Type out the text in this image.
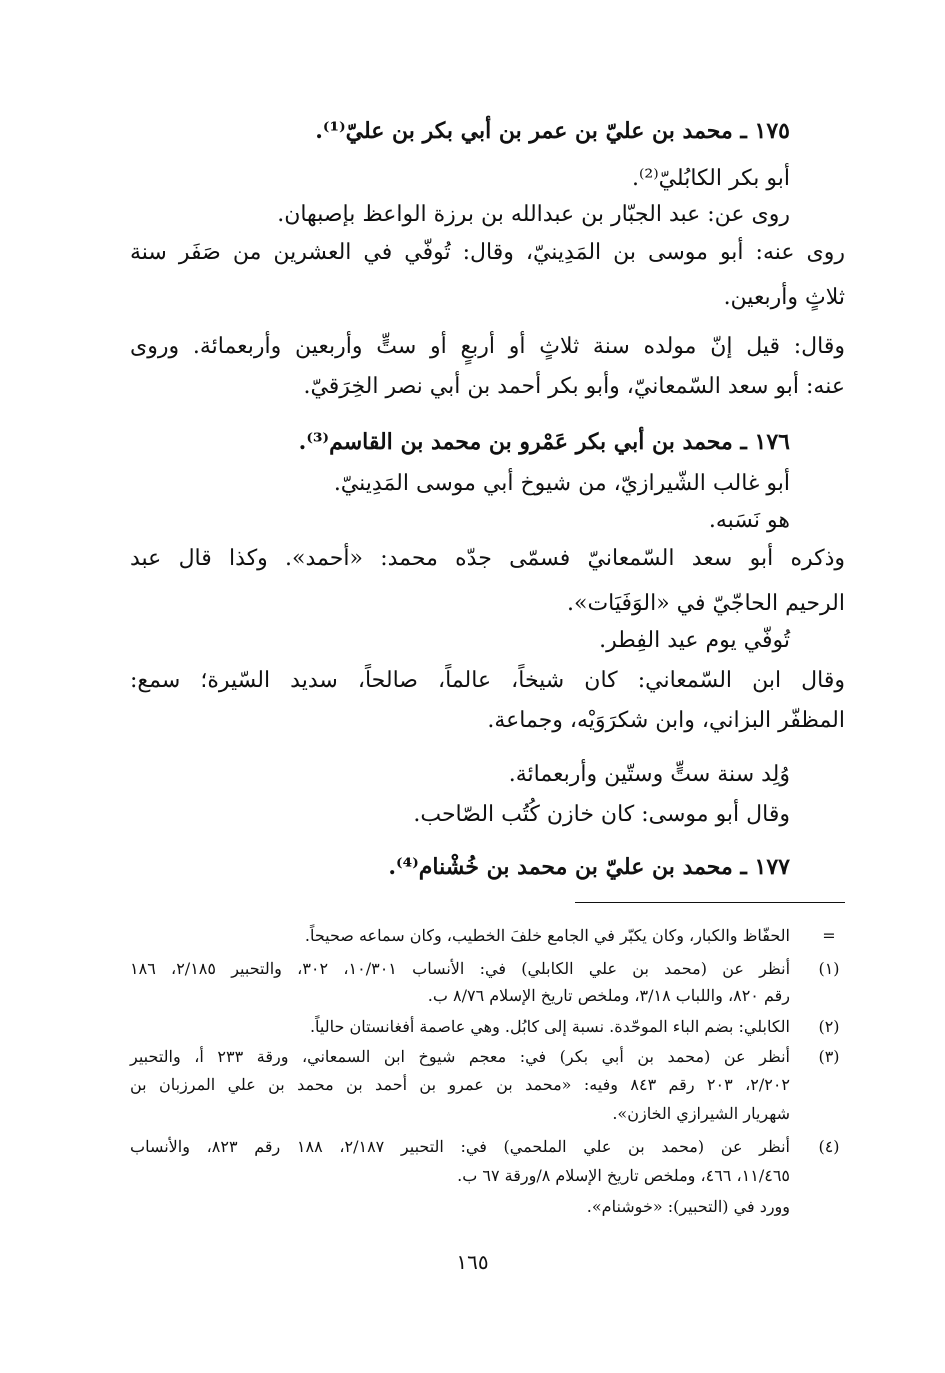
١٧٥ ـ محمد بن عليّ بن عمر بن أبي بكر بن عليّ⁽¹⁾.
أبو بكر الكابُليّ⁽²⁾.
روى عن: عبد الجبّار بن عبدالله بن برزة الواعظ بإصبهان.
روى عنه: أبو موسى بن المَدِينيّ، وقال: تُوفّي في العشرين من صَفَر سنة
ثلاثٍ وأربعين.
وقال: قيل إنّ مولده سنة ثلاثٍ أو أربعٍ أو ستٍّ وأربعين وأربعمائة. وروى
عنه: أبو سعد السّمعانيّ، وأبو بكر أحمد بن أبي نصر الخِرَقيّ.
١٧٦ ـ محمد بن أبي بكر عَمْرو بن محمد بن القاسم⁽³⁾.
أبو غالب الشّيرازيّ، من شيوخ أبي موسى المَدِينيّ.
هو نَسَبه.
وذكره أبو سعد السّمعانيّ فسمّى جدّه محمد: «أحمد». وكذا قال عبد
الرحيم الحاجّيّ في «الوَفَيَات».
تُوفّي يوم عيد الفِطر.
وقال ابن السّمعاني: كان شيخاً، عالماً، صالحاً، سديد السّيرة؛ سمع:
المظفّر البزاني، وابن شكرَوَيْه، وجماعة.
وُلِد سنة ستٍّ وستّين وأربعمائة.
وقال أبو موسى: كان خازن كُتُب الصّاحب.
١٧٧ ـ محمد بن عليّ بن محمد بن خُشْنام⁽⁴⁾.
=
الحفّاظ والكبار، وكان يكبّر في الجامع خلفَ الخطيب، وكان سماعه صحيحاً.
(١)
أنظر عن (محمد بن علي الكابلي) في: الأنساب ١٠/٣٠١، ٣٠٢، والتحبير ٢/١٨٥، ١٨٦
رقم ٨٢٠، واللباب ٣/١٨، وملخص تاريخ الإسلام ٨/٧٦ ب.
(٢)
الكابلي: بضم الباء الموحّدة. نسبة إلى كابُل. وهي عاصمة أفغانستان حالياً.
(٣)
أنظر عن (محمد بن أبي بكر) في: معجم شيوخ ابن السمعاني، ورقة ٢٣٣ أ، والتحبير
٢/٢٠٢، ٢٠٣ رقم ٨٤٣ وفيه: «محمد بن عمرو بن أحمد بن محمد بن علي المرزبان بن
شهريار الشيرازي الخازن».
(٤)
أنظر عن (محمد بن علي الملحمي) في: التحبير ٢/١٨٧، ١٨٨ رقم ٨٢٣، والأنساب
١١/٤٦٥، ٤٦٦، وملخص تاريخ الإسلام ٨/ورقة ٦٧ ب.
وورد في (التحبير): «خوشنام».
١٦٥
